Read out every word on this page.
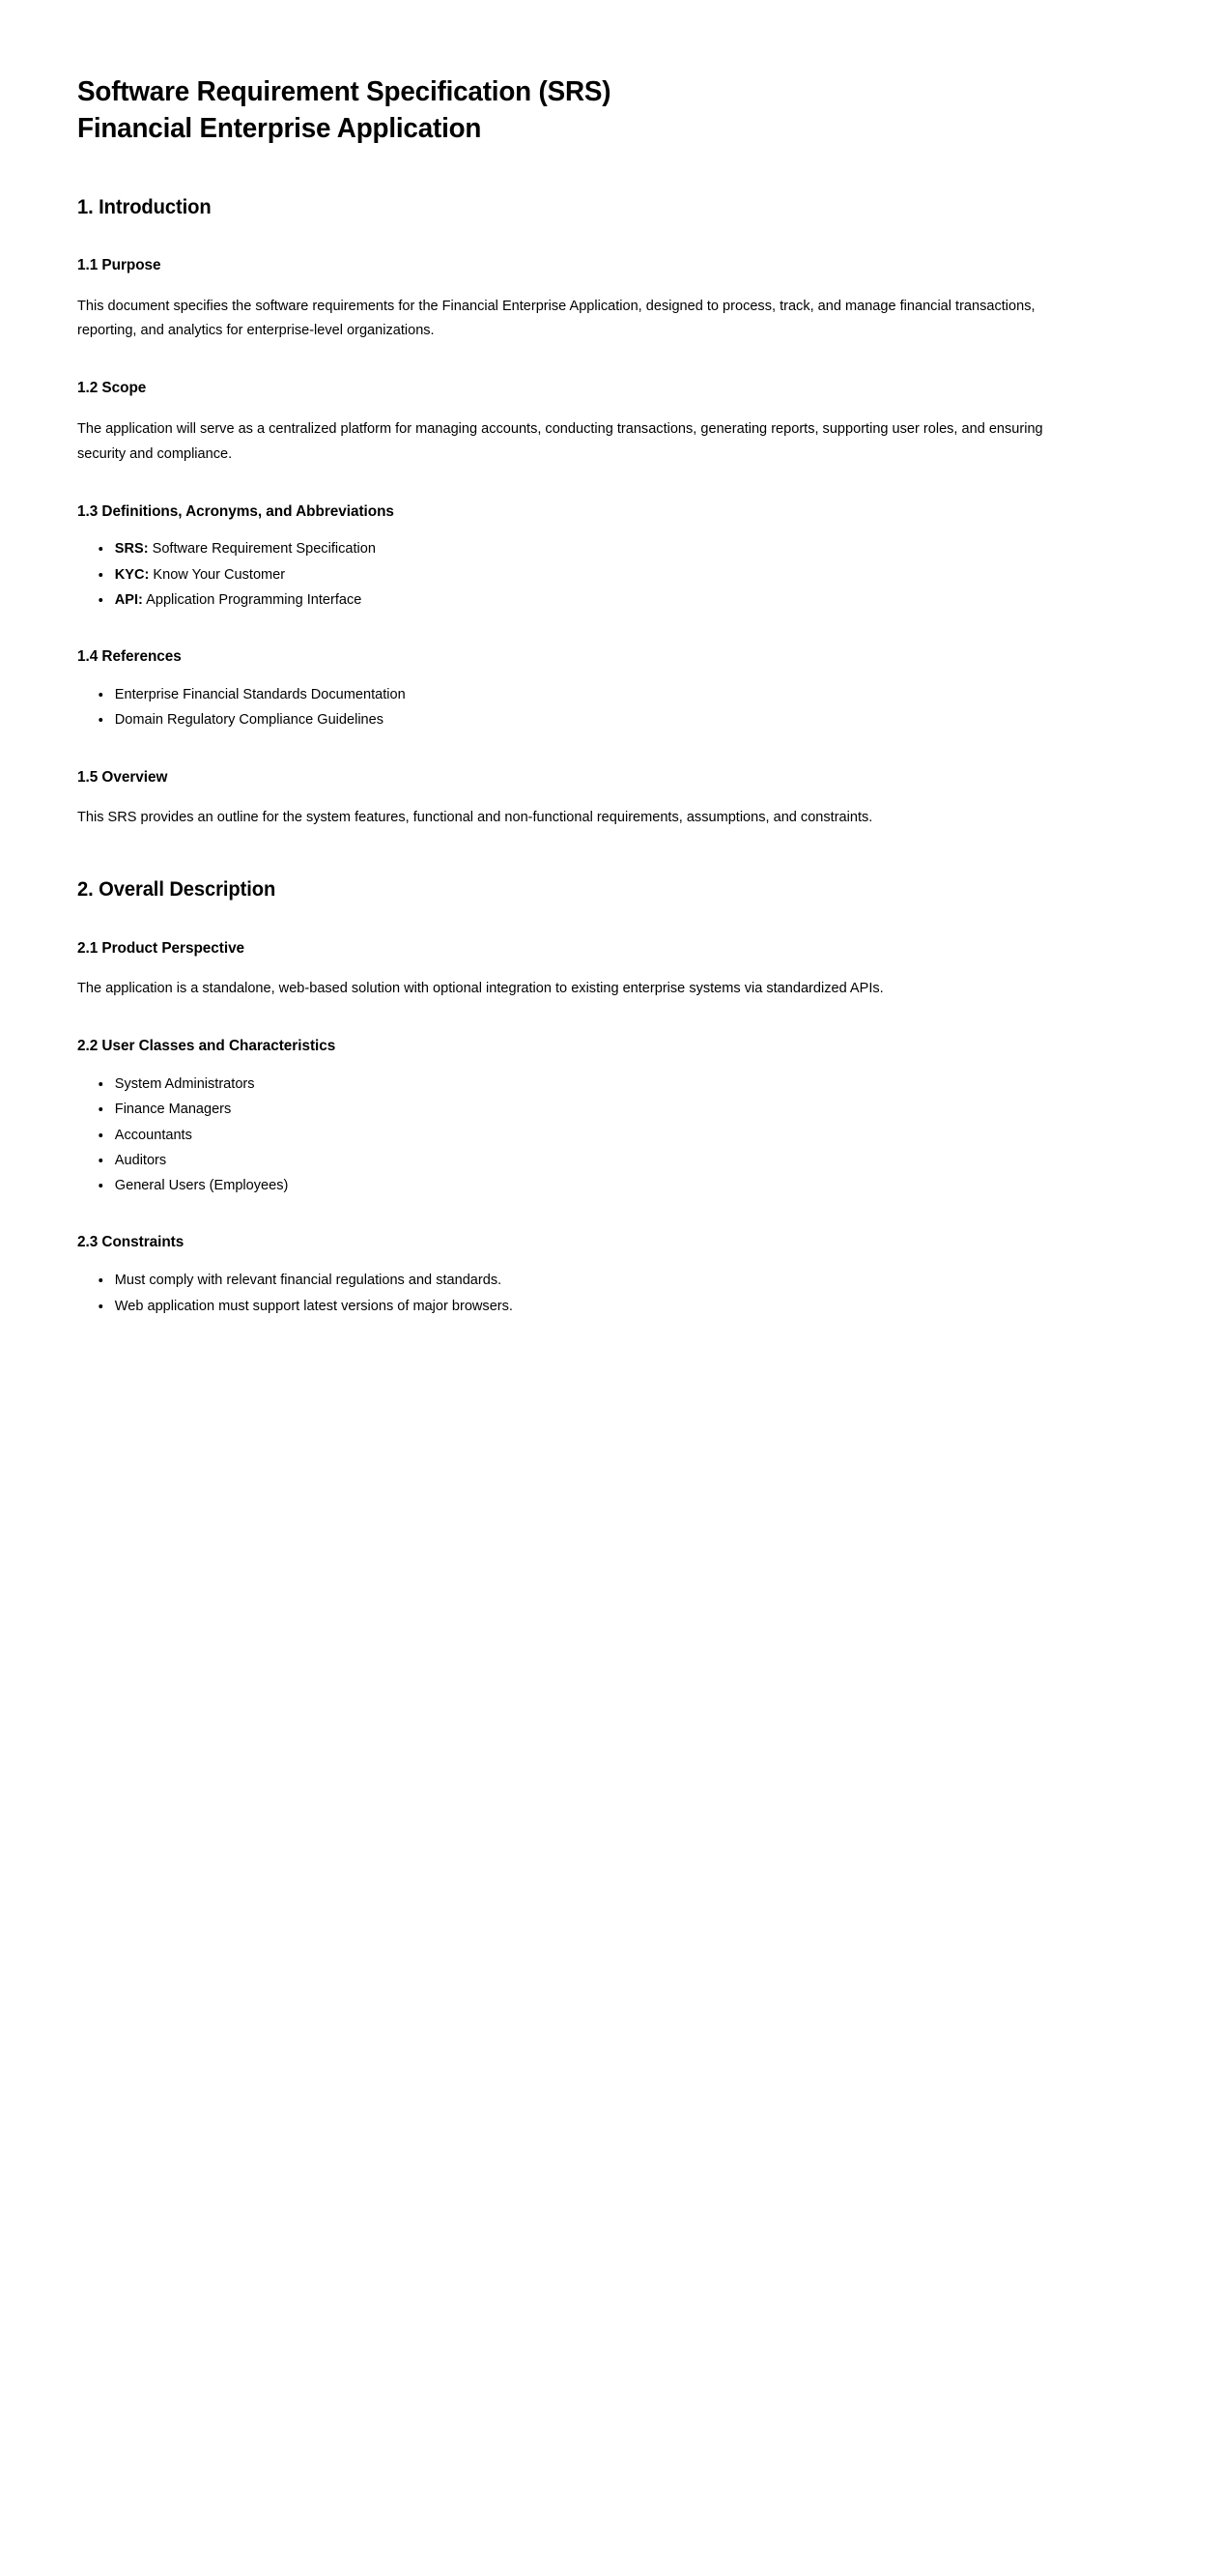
Software Requirement Specification (SRS)
Financial Enterprise Application
1. Introduction
1.1 Purpose

This document specifies the software requirements for the Financial Enterprise Application, designed to process, track, and manage financial transactions, reporting, and analytics for enterprise-level organizations.

1.2 Scope

The application will serve as a centralized platform for managing accounts, conducting transactions, generating reports, supporting user roles, and ensuring security and compliance.

1.3 Definitions, Acronyms, and Abbreviations
• SRS: Software Requirement Specification
• KYC: Know Your Customer
• API: Application Programming Interface
1.4 References
• Enterprise Financial Standards Documentation
• Domain Regulatory Compliance Guidelines
1.5 Overview

This SRS provides an outline for the system features, functional and non-functional requirements, assumptions, and constraints.

2. Overall Description
2.1 Product Perspective

The application is a standalone, web-based solution with optional integration to existing enterprise systems via standardized APIs.

2.2 User Classes and Characteristics
• System Administrators
• Finance Managers
• Accountants
• Auditors
• General Users (Employees)
2.3 Constraints
• Must comply with relevant financial regulations and standards.
• Web application must support latest versions of major browsers.
